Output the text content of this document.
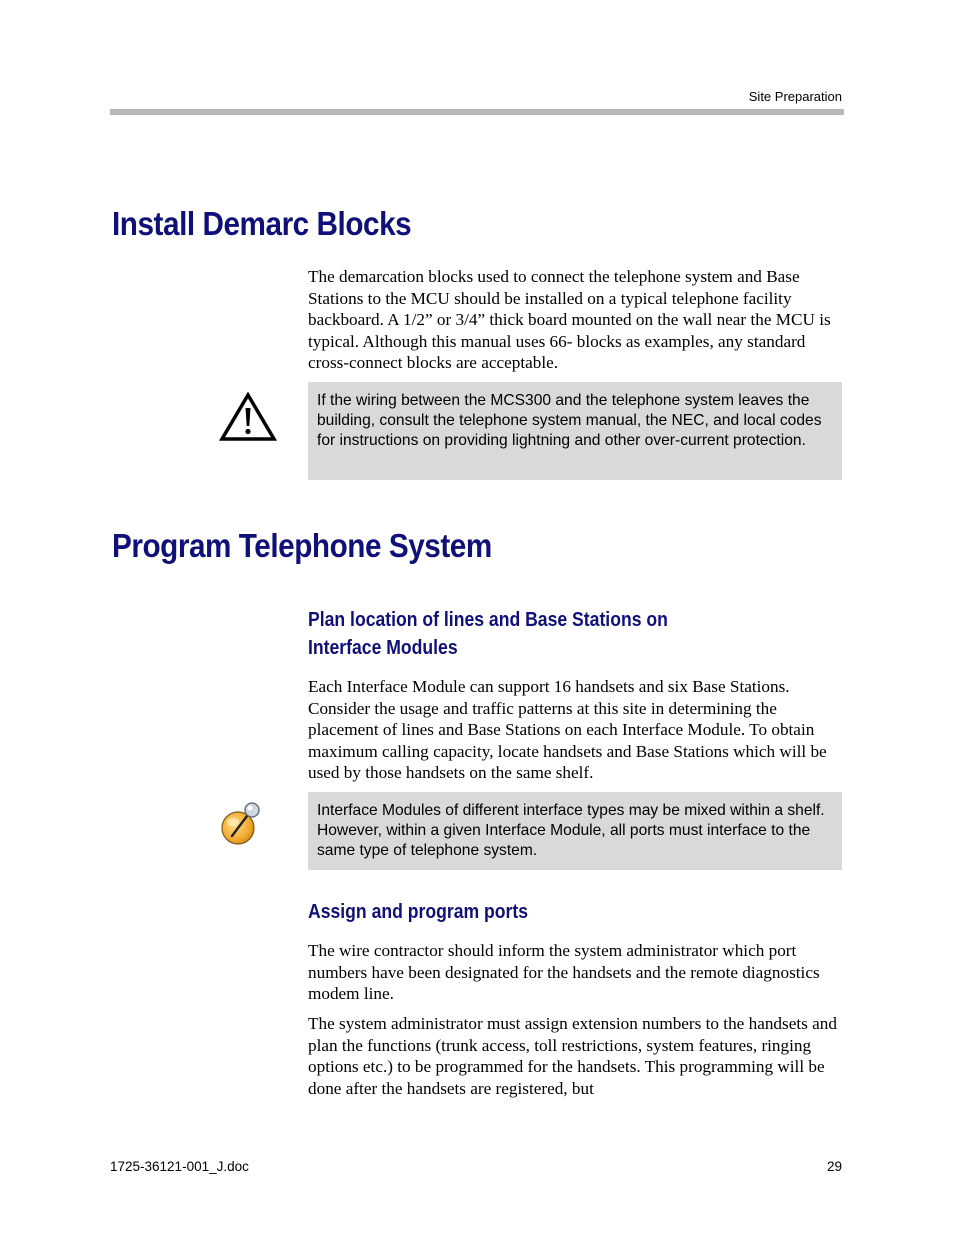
Site Preparation
Install Demarc Blocks

The demarcation blocks used to connect the telephone system and Base Stations to the MCU should be installed on a typical telephone facility backboard. A 1/2” or 3/4” thick board mounted on the wall near the MCU is typical. Although this manual uses 66- blocks as examples, any standard cross-connect blocks are acceptable.

If the wiring between the MCS300 and the telephone system leaves the building, consult the telephone system manual, the NEC, and local codes for instructions on providing lightning and other over-current protection.
Program Telephone System
Plan location of lines and Base Stations on
Interface Modules

Each Interface Module can support 16 handsets and six Base Stations. Consider the usage and traffic patterns at this site in determining the placement of lines and Base Stations on each Interface Module. To obtain maximum calling capacity, locate handsets and Base Stations which will be used by those handsets on the same shelf.

Interface Modules of different interface types may be mixed within a shelf. However, within a given Interface Module, all ports must interface to the same type of telephone system.
Assign and program ports

The wire contractor should inform the system administrator which port numbers have been designated for the handsets and the remote diagnostics modem line.

The system administrator must assign extension numbers to the handsets and plan the functions (trunk access, toll restrictions, system features, ringing options etc.) to be programmed for the handsets. This programming will be done after the handsets are registered, but

1725-36121-001_J.doc	29
